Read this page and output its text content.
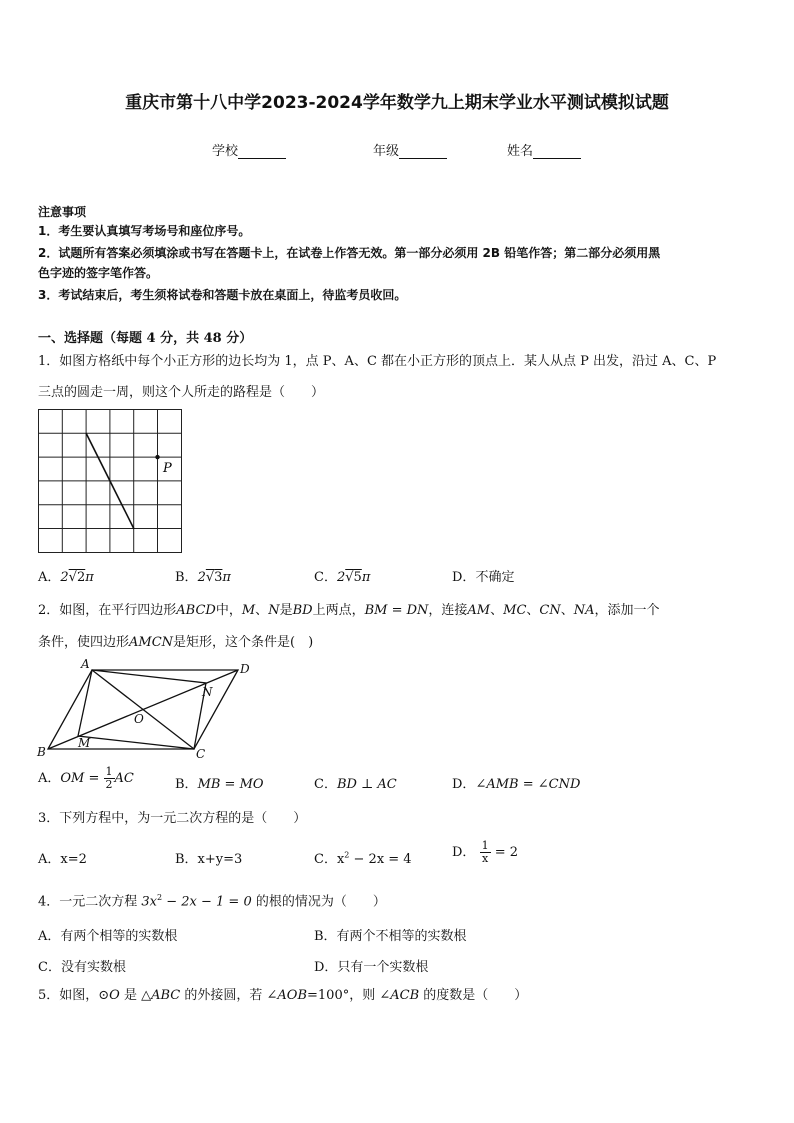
重庆市第十八中学2023-2024学年数学九上期末学业水平测试模拟试题
学校	年级	姓名
注意事项
1．考生要认真填写考场号和座位序号。
2．试题所有答案必须填涂或书写在答题卡上，在试卷上作答无效。第一部分必须用 2B 铅笔作答；第二部分必须用黑
色字迹的签字笔作答。
3．考试结束后，考生须将试卷和答题卡放在桌面上，待监考员收回。
一、选择题（每题 4 分，共 48 分）
1．如图方格纸中每个小正方形的边长均为 1，点 P、A、C 都在小正方形的顶点上．某人从点 P 出发，沿过 A、C、P
三点的圆走一周，则这个人所走的路程是（　　）
P
A．2√2π	B．2√3π	C．2√5π	D．不确定
2．如图，在平行四边形ABCD中，M、N是BD上两点，BM = DN，连接AM、MC、CN、NA，添加一个
条件，使四边形AMCN是矩形，这个条件是(　)
A	D
B	C
M
N
O
A．OM = $\frac{1}{2}$ AC	B．MB = MO	C．BD ⊥ AC	D．∠AMB = ∠CND
3．下列方程中，为一元二次方程的是（　　）
A．x=2	B．x+y=3	C．$x^2 - 2x = 4$	D． $\frac{1}{x} = 2$
4．一元二次方程 $3x^2 - 2x - 1 = 0$ 的根的情况为（　　）
A．有两个相等的实数根	B．有两个不相等的实数根
C．没有实数根	D．只有一个实数根
5．如图，⊙O 是 △ABC 的外接圆，若 ∠AOB=100°，则 ∠ACB 的度数是（　　）
